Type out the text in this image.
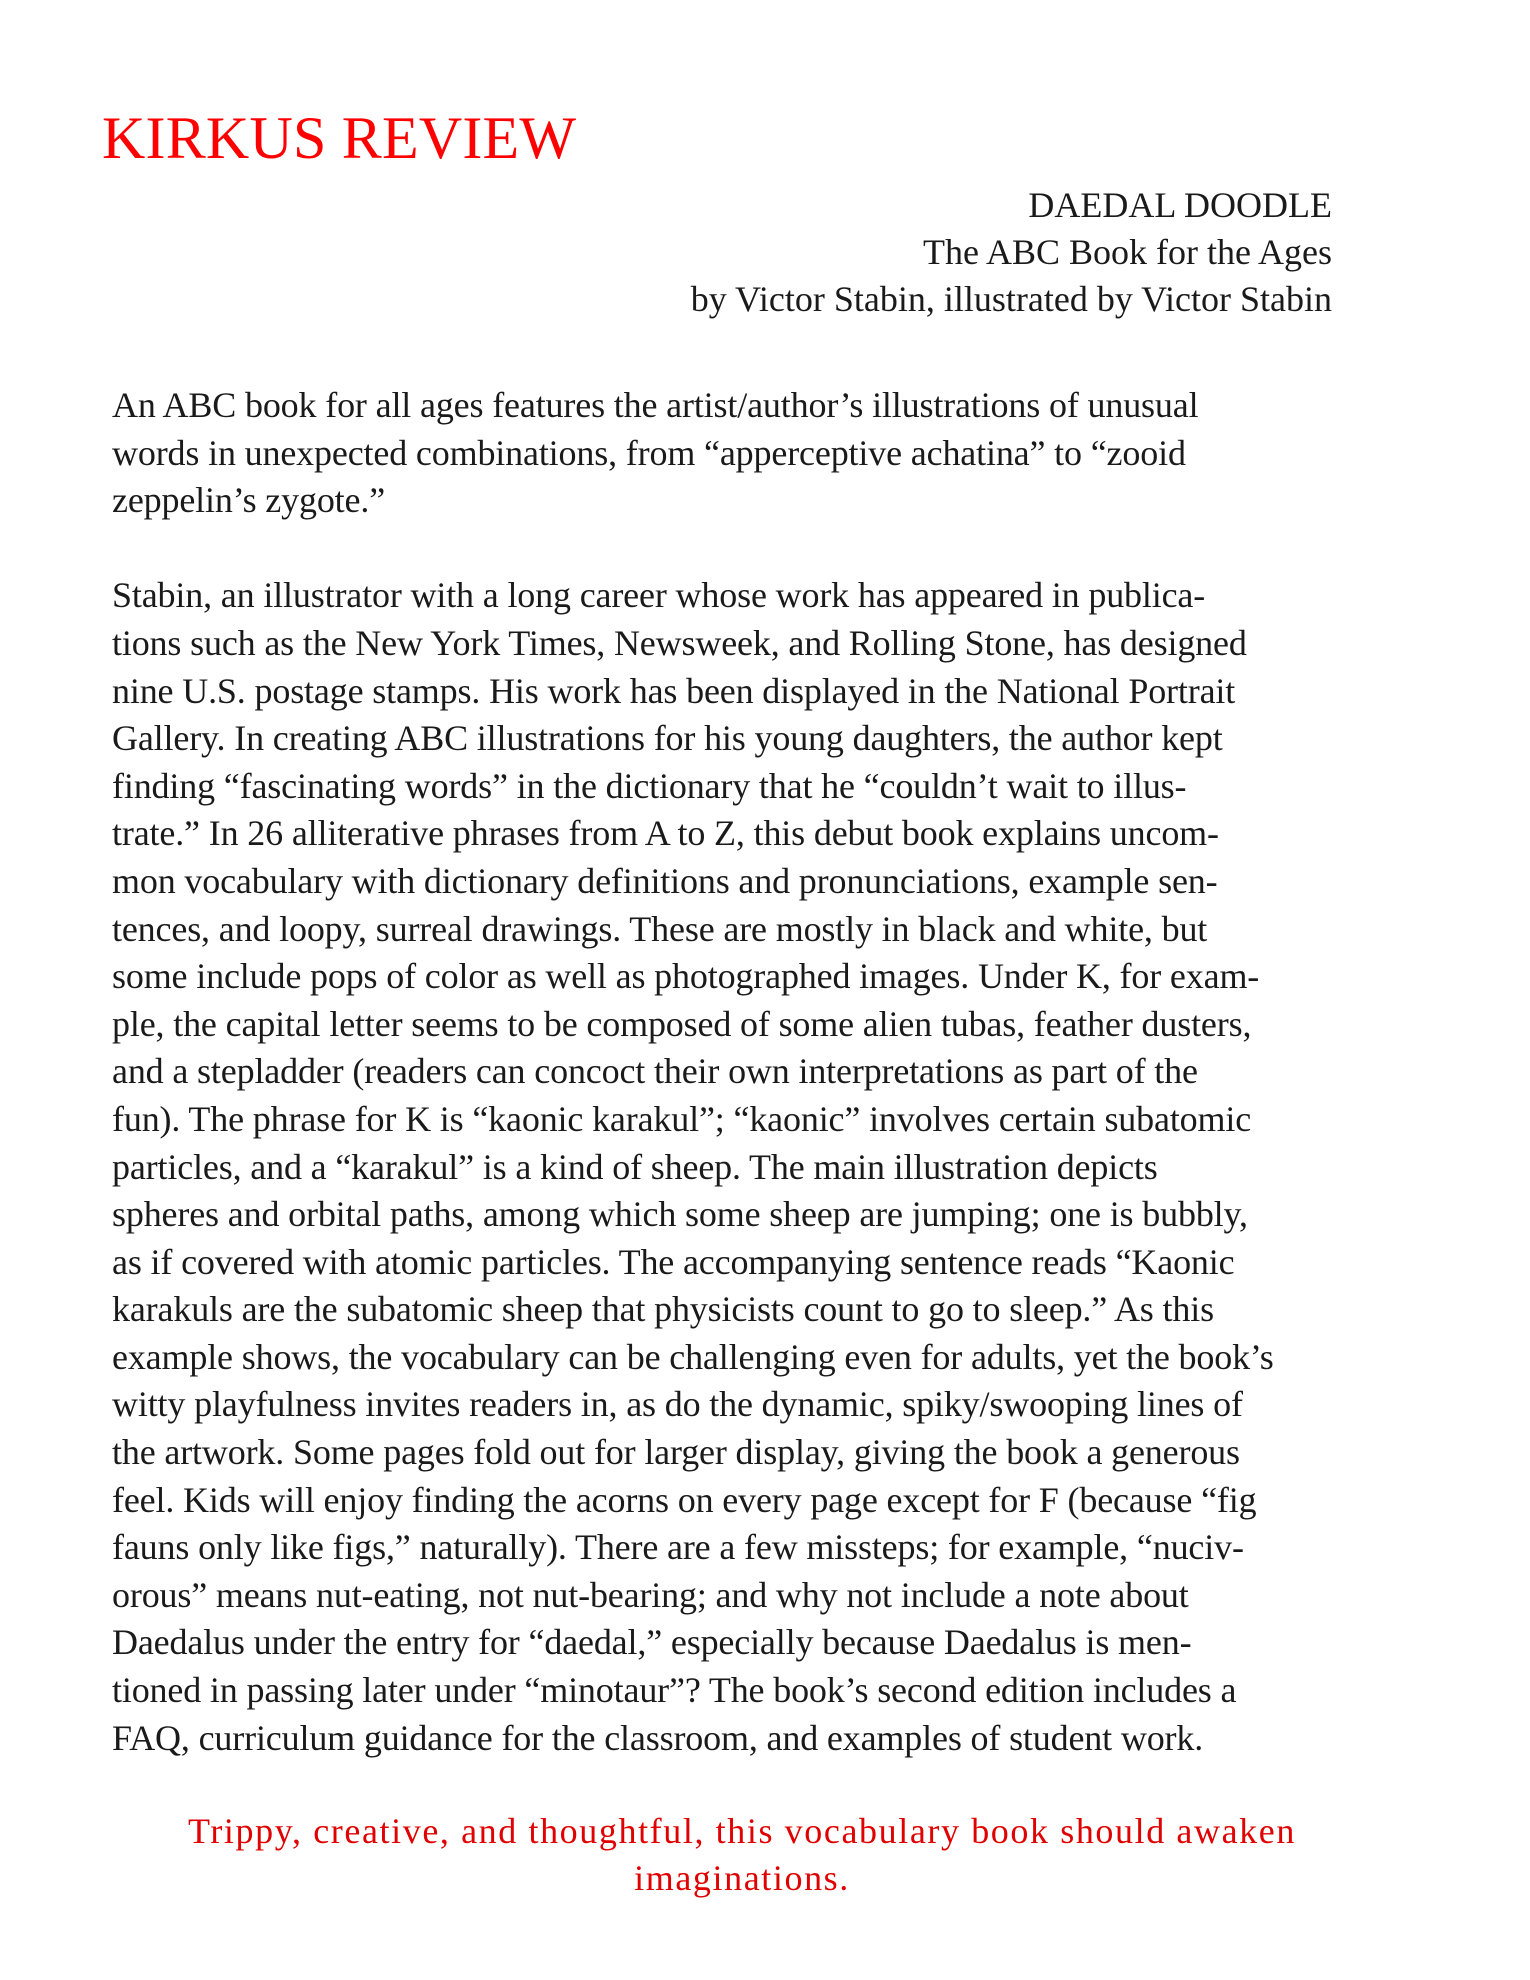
KIRKUS REVIEW
DAEDAL DOODLE
The ABC Book for the Ages
by Victor Stabin, illustrated by Victor Stabin
An ABC book for all ages features the artist/author’s illustrations of unusual
words in unexpected combinations, from “apperceptive achatina” to “zooid
zeppelin’s zygote.”
Stabin, an illustrator with a long career whose work has appeared in publica-
tions such as the New York Times, Newsweek, and Rolling Stone, has designed
nine U.S. postage stamps. His work has been displayed in the National Portrait
Gallery. In creating ABC illustrations for his young daughters, the author kept
finding “fascinating words” in the dictionary that he “couldn’t wait to illus-
trate.” In 26 alliterative phrases from A to Z, this debut book explains uncom-
mon vocabulary with dictionary definitions and pronunciations, example sen-
tences, and loopy, surreal drawings. These are mostly in black and white, but
some include pops of color as well as photographed images. Under K, for exam-
ple, the capital letter seems to be composed of some alien tubas, feather dusters,
and a stepladder (readers can concoct their own interpretations as part of the
fun). The phrase for K is “kaonic karakul”; “kaonic” involves certain subatomic
particles, and a “karakul” is a kind of sheep. The main illustration depicts
spheres and orbital paths, among which some sheep are jumping; one is bubbly,
as if covered with atomic particles. The accompanying sentence reads “Kaonic
karakuls are the subatomic sheep that physicists count to go to sleep.” As this
example shows, the vocabulary can be challenging even for adults, yet the book’s
witty playfulness invites readers in, as do the dynamic, spiky/swooping lines of
the artwork. Some pages fold out for larger display, giving the book a generous
feel. Kids will enjoy finding the acorns on every page except for F (because “fig
fauns only like figs,” naturally). There are a few missteps; for example, “nuciv-
orous” means nut-eating, not nut-bearing; and why not include a note about
Daedalus under the entry for “daedal,” especially because Daedalus is men-
tioned in passing later under “minotaur”? The book’s second edition includes a
FAQ, curriculum guidance for the classroom, and examples of student work.
Trippy, creative, and thoughtful, this vocabulary book should awaken
imaginations.
